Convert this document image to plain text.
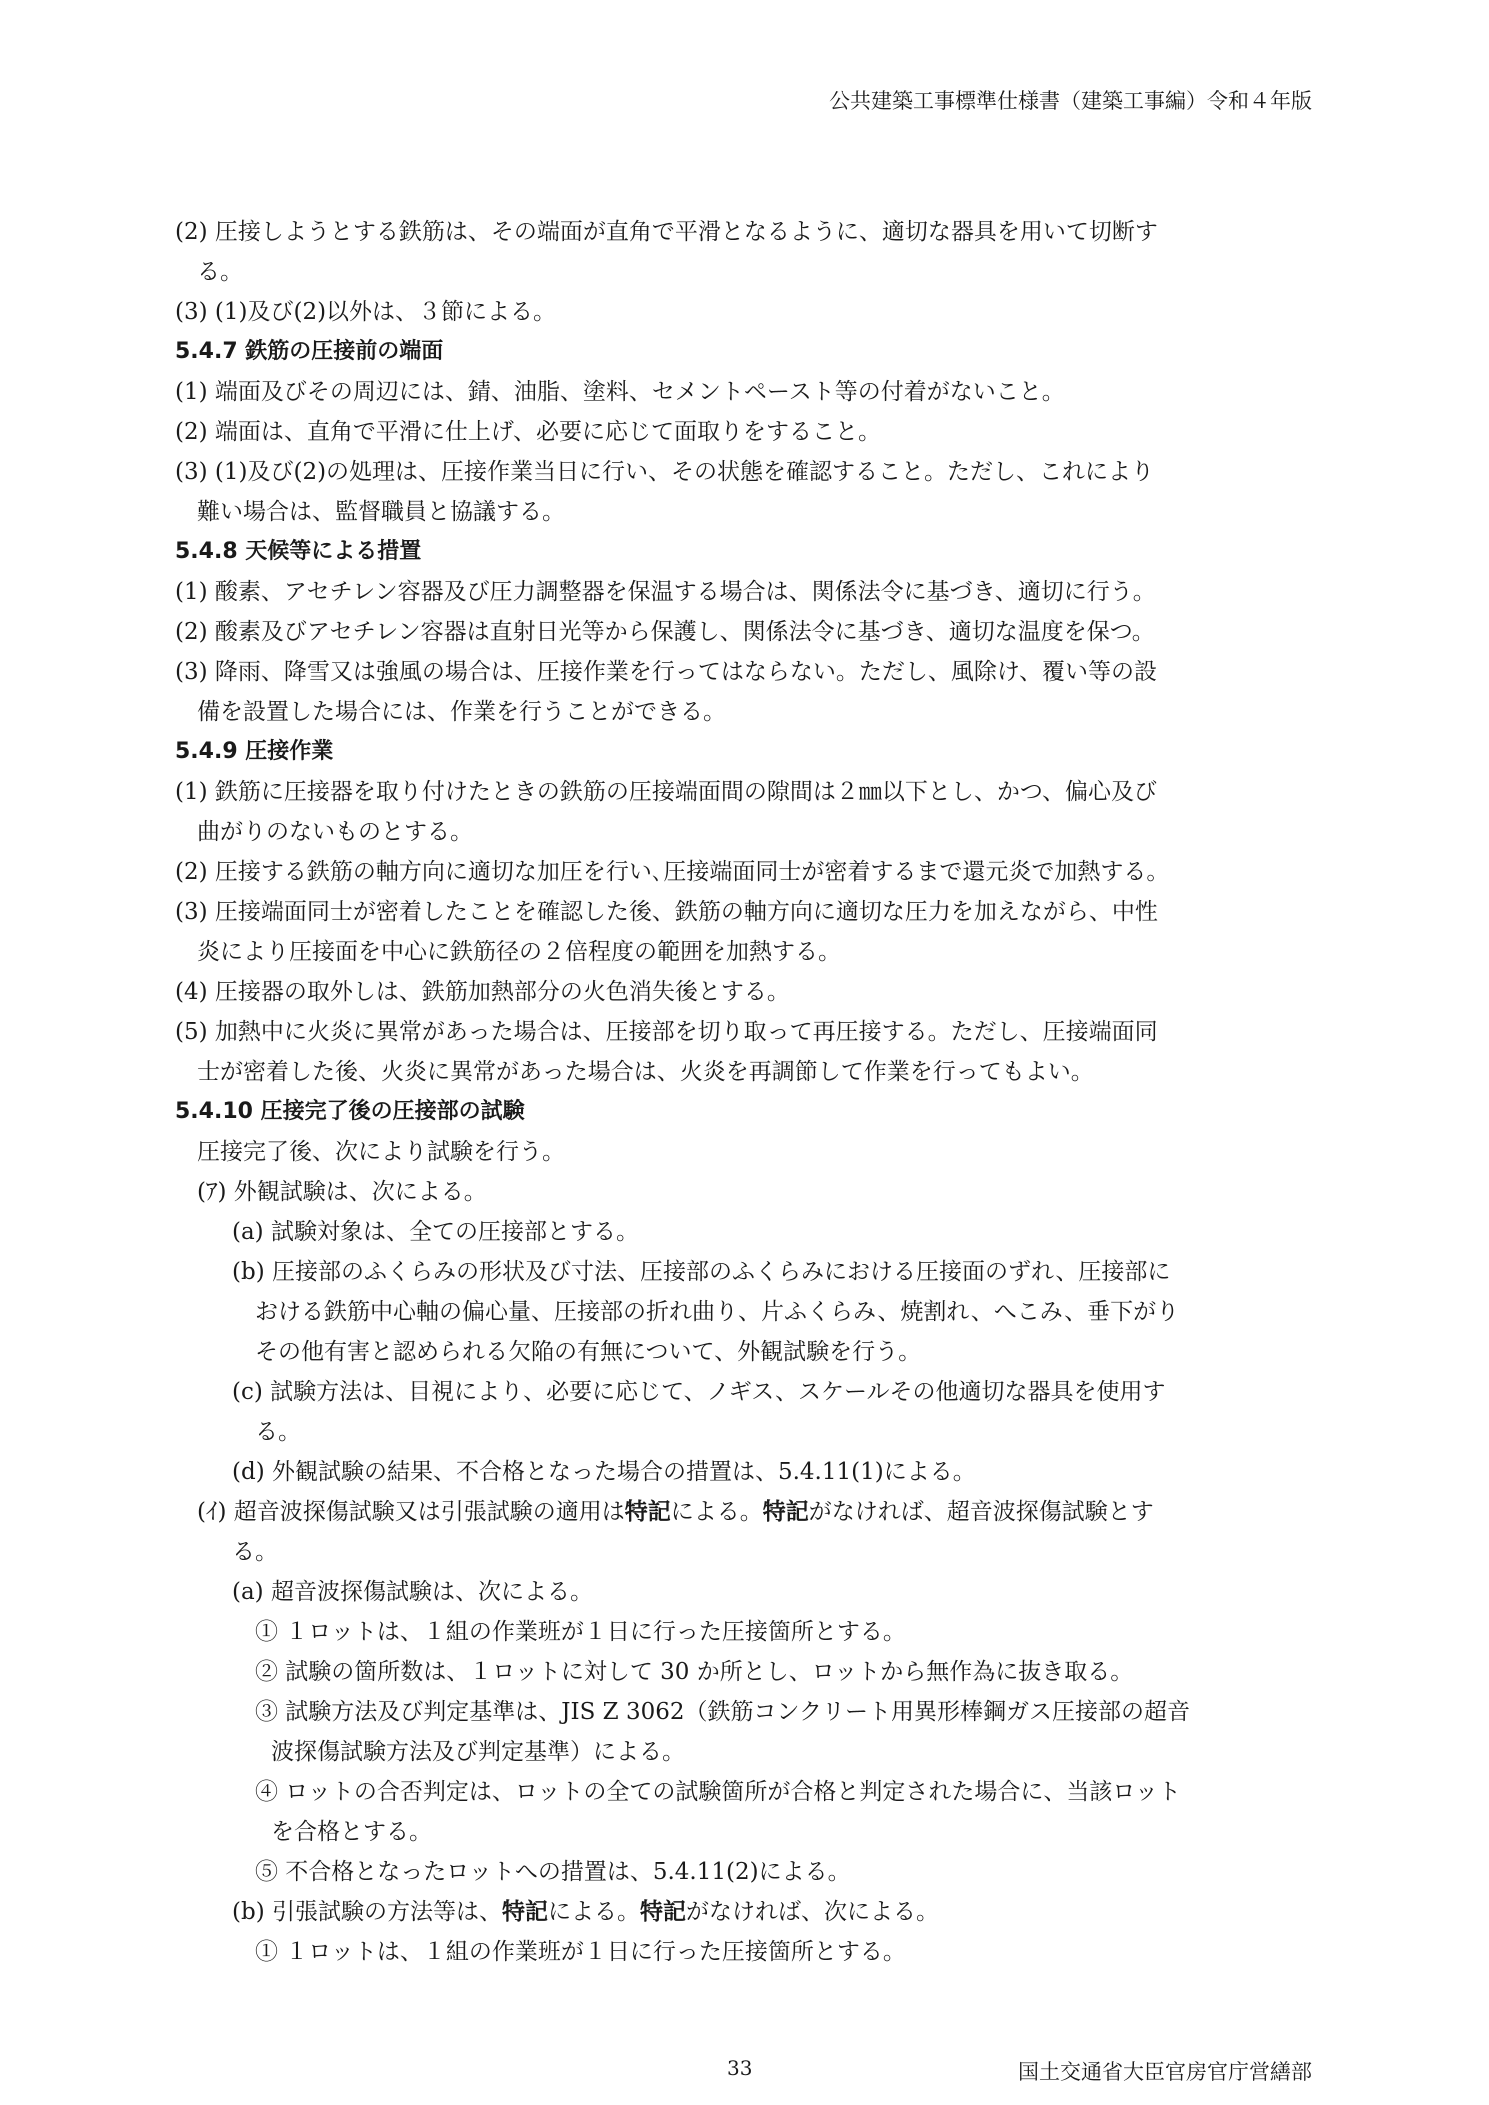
公共建築工事標準仕様書（建築工事編）令和４年版
(2) 圧接しようとする鉄筋は、その端面が直角で平滑となるように、適切な器具を用いて切断す
る。
(3) (1)及び(2)以外は、３節による。
5.4.7 鉄筋の圧接前の端面
(1) 端面及びその周辺には、錆、油脂、塗料、セメントペースト等の付着がないこと。
(2) 端面は、直角で平滑に仕上げ、必要に応じて面取りをすること。
(3) (1)及び(2)の処理は、圧接作業当日に行い、その状態を確認すること。ただし、これにより
難い場合は、監督職員と協議する。
5.4.8 天候等による措置
(1) 酸素、アセチレン容器及び圧力調整器を保温する場合は、関係法令に基づき、適切に行う。
(2) 酸素及びアセチレン容器は直射日光等から保護し、関係法令に基づき、適切な温度を保つ。
(3) 降雨、降雪又は強風の場合は、圧接作業を行ってはならない。ただし、風除け、覆い等の設
備を設置した場合には、作業を行うことができる。
5.4.9 圧接作業
(1) 鉄筋に圧接器を取り付けたときの鉄筋の圧接端面間の隙間は２㎜以下とし、かつ、偏心及び
曲がりのないものとする。
(2) 圧接する鉄筋の軸方向に適切な加圧を行い､圧接端面同士が密着するまで還元炎で加熱する。
(3) 圧接端面同士が密着したことを確認した後、鉄筋の軸方向に適切な圧力を加えながら、中性
炎により圧接面を中心に鉄筋径の２倍程度の範囲を加熱する。
(4) 圧接器の取外しは、鉄筋加熱部分の火色消失後とする。
(5) 加熱中に火炎に異常があった場合は、圧接部を切り取って再圧接する。ただし、圧接端面同
士が密着した後、火炎に異常があった場合は、火炎を再調節して作業を行ってもよい。
5.4.10 圧接完了後の圧接部の試験
圧接完了後、次により試験を行う。
(ｱ) 外観試験は、次による。
(a) 試験対象は、全ての圧接部とする。
(b) 圧接部のふくらみの形状及び寸法、圧接部のふくらみにおける圧接面のずれ、圧接部に
おける鉄筋中心軸の偏心量、圧接部の折れ曲り、片ふくらみ、焼割れ、へこみ、垂下がり
その他有害と認められる欠陥の有無について、外観試験を行う。
(c) 試験方法は、目視により、必要に応じて、ノギス、スケールその他適切な器具を使用す
る。
(d) 外観試験の結果、不合格となった場合の措置は、5.4.11(1)による。
(ｲ) 超音波探傷試験又は引張試験の適用は特記による。特記がなければ、超音波探傷試験とす
る。
(a) 超音波探傷試験は、次による。
① １ロットは、１組の作業班が１日に行った圧接箇所とする。
② 試験の箇所数は、１ロットに対して 30 か所とし、ロットから無作為に抜き取る。
③ 試験方法及び判定基準は、JIS Z 3062（鉄筋コンクリート用異形棒鋼ガス圧接部の超音
波探傷試験方法及び判定基準）による。
④ ロットの合否判定は、ロットの全ての試験箇所が合格と判定された場合に、当該ロット
を合格とする。
⑤ 不合格となったロットへの措置は、5.4.11(2)による。
(b) 引張試験の方法等は、特記による。特記がなければ、次による。
① １ロットは、１組の作業班が１日に行った圧接箇所とする。
33	国土交通省大臣官房官庁営繕部
